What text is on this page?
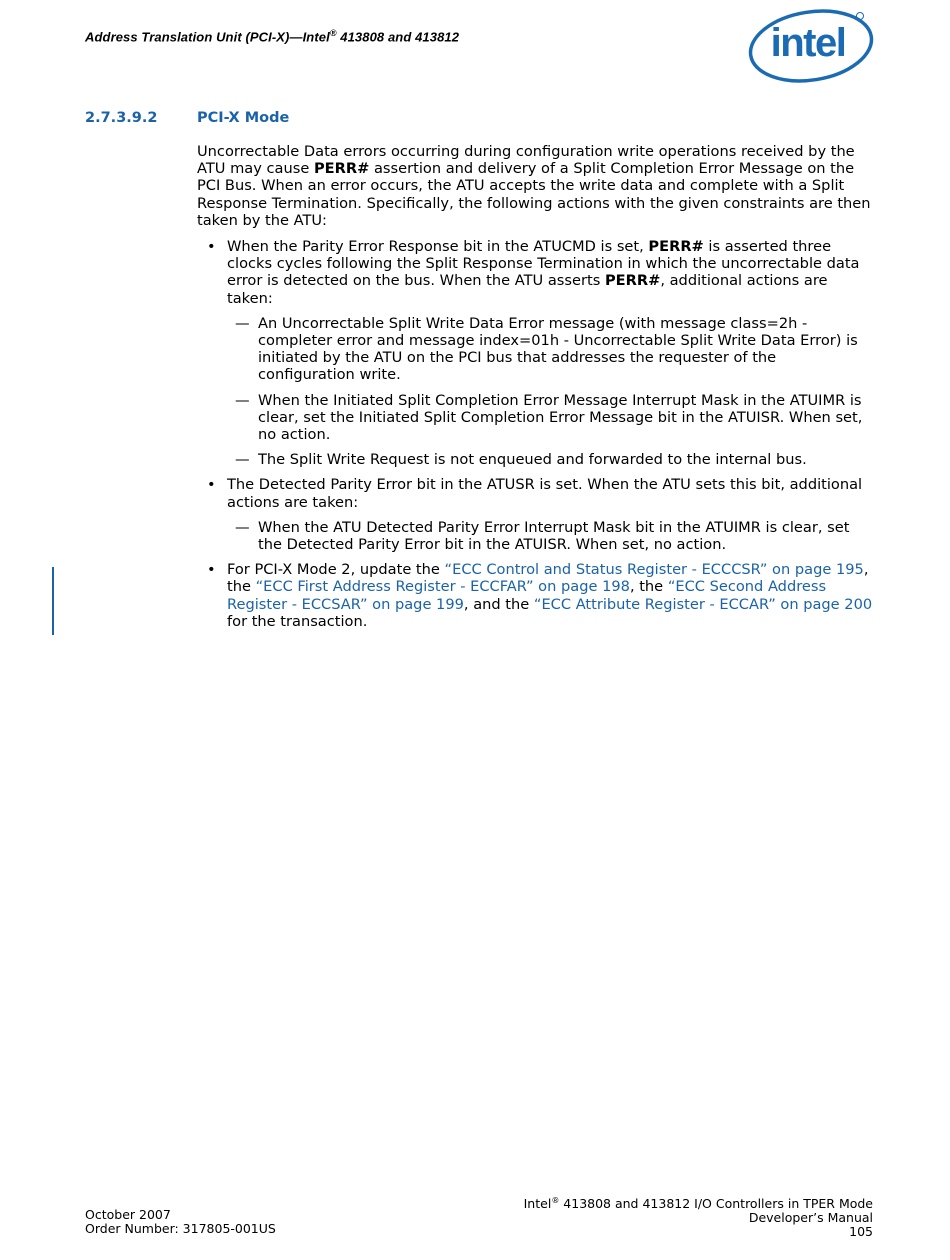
Address Translation Unit (PCI-X)—Intel® 413808 and 413812	intel
2.7.3.9.2	PCI-X Mode

Uncorrectable Data errors occurring during configuration write operations received by the ATU may cause PERR# assertion and delivery of a Split Completion Error Message on the PCI Bus. When an error occurs, the ATU accepts the write data and complete with a Split Response Termination. Specifically, the following actions with the given constraints are then taken by the ATU:

• When the Parity Error Response bit in the ATUCMD is set, PERR# is asserted three clocks cycles following the Split Response Termination in which the uncorrectable data error is detected on the bus. When the ATU asserts PERR#, additional actions are taken:
— An Uncorrectable Split Write Data Error message (with message class=2h - completer error and message index=01h - Uncorrectable Split Write Data Error) is initiated by the ATU on the PCI bus that addresses the requester of the configuration write.
— When the Initiated Split Completion Error Message Interrupt Mask in the ATUIMR is clear, set the Initiated Split Completion Error Message bit in the ATUISR. When set, no action.
— The Split Write Request is not enqueued and forwarded to the internal bus.
• The Detected Parity Error bit in the ATUSR is set. When the ATU sets this bit, additional actions are taken:
— When the ATU Detected Parity Error Interrupt Mask bit in the ATUIMR is clear, set the Detected Parity Error bit in the ATUISR. When set, no action.
• For PCI-X Mode 2, update the “ECC Control and Status Register - ECCCSR” on page 195, the “ECC First Address Register - ECCFAR” on page 198, the “ECC Second Address Register - ECCSAR” on page 199, and the “ECC Attribute Register - ECCAR” on page 200 for the transaction.
October 2007
Order Number: 317805-001US
Intel® 413808 and 413812 I/O Controllers in TPER Mode
Developer’s Manual
105
